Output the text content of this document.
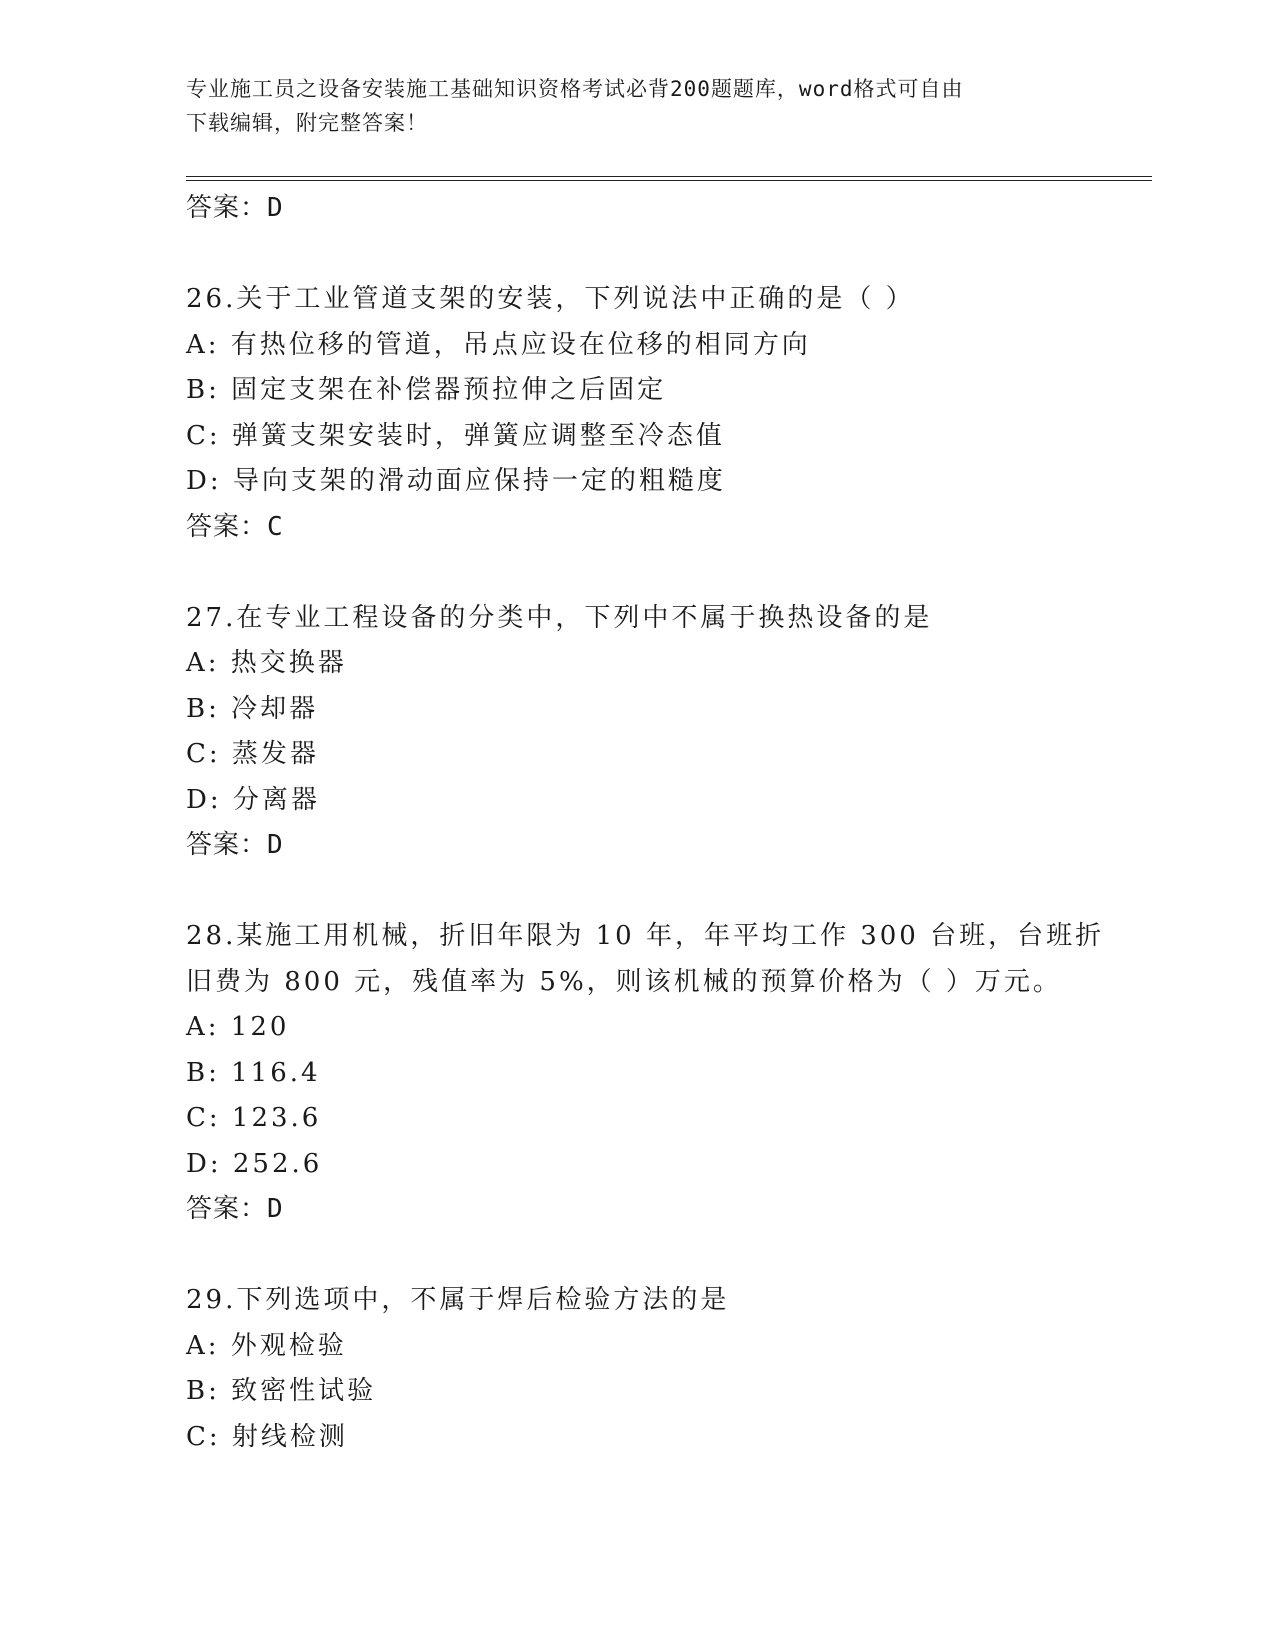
专业施工员之设备安装施工基础知识资格考试必背200题题库，word格式可自由
下载编辑，附完整答案！
答案：D
26.关于工业管道支架的安装，下列说法中正确的是（ ）
A: 有热位移的管道，吊点应设在位移的相同方向
B: 固定支架在补偿器预拉伸之后固定
C: 弹簧支架安装时，弹簧应调整至冷态值
D: 导向支架的滑动面应保持一定的粗糙度
答案：C
27.在专业工程设备的分类中，下列中不属于换热设备的是
A: 热交换器
B: 冷却器
C: 蒸发器
D: 分离器
答案：D
28.某施工用机械，折旧年限为 10 年，年平均工作 300 台班，台班折
旧费为 800 元，残值率为 5%，则该机械的预算价格为（ ）万元。
A: 120
B: 116.4
C: 123.6
D: 252.6
答案：D
29.下列选项中，不属于焊后检验方法的是
A: 外观检验
B: 致密性试验
C: 射线检测
